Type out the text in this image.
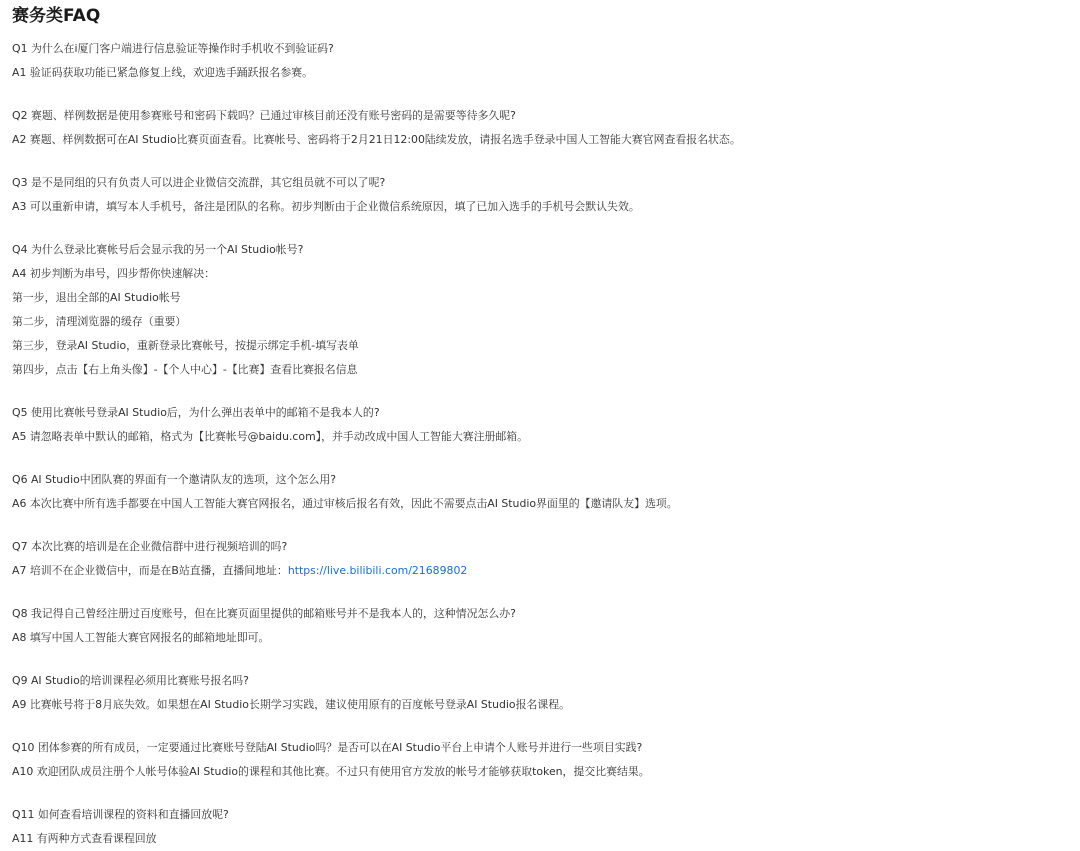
赛务类FAQ
Q1 为什么在i厦门客户端进行信息验证等操作时手机收不到验证码?
A1 验证码获取功能已紧急修复上线，欢迎选手踊跃报名参赛。
Q2 赛题、样例数据是使用参赛账号和密码下载吗？已通过审核目前还没有账号密码的是需要等待多久呢?
A2 赛题、样例数据可在AI Studio比赛页面查看。比赛帐号、密码将于2月21日12:00陆续发放，请报名选手登录中国人工智能大赛官网查看报名状态。
Q3 是不是同组的只有负责人可以进企业微信交流群，其它组员就不可以了呢?
A3 可以重新申请，填写本人手机号，备注是团队的名称。初步判断由于企业微信系统原因，填了已加入选手的手机号会默认失效。
Q4 为什么登录比赛帐号后会显示我的另一个AI Studio帐号?
A4 初步判断为串号，四步帮你快速解决：
第一步，退出全部的AI Studio帐号
第二步，清理浏览器的缓存（重要）
第三步，登录AI Studio，重新登录比赛帐号，按提示绑定手机-填写表单
第四步，点击【右上角头像】-【个人中心】-【比赛】查看比赛报名信息
Q5 使用比赛帐号登录AI Studio后，为什么弹出表单中的邮箱不是我本人的?
A5 请忽略表单中默认的邮箱，格式为【比赛帐号@baidu.com】，并手动改成中国人工智能大赛注册邮箱。
Q6 AI Studio中团队赛的界面有一个邀请队友的选项，这个怎么用?
A6 本次比赛中所有选手都要在中国人工智能大赛官网报名，通过审核后报名有效，因此不需要点击AI Studio界面里的【邀请队友】选项。
Q7 本次比赛的培训是在企业微信群中进行视频培训的吗?
A7 培训不在企业微信中，而是在B站直播，直播间地址：https://live.bilibili.com/21689802
Q8 我记得自己曾经注册过百度账号，但在比赛页面里提供的邮箱账号并不是我本人的，这种情况怎么办?
A8 填写中国人工智能大赛官网报名的邮箱地址即可。
Q9 AI Studio的培训课程必须用比赛账号报名吗?
A9 比赛帐号将于8月底失效。如果想在AI Studio长期学习实践，建议使用原有的百度帐号登录AI Studio报名课程。
Q10 团体参赛的所有成员，一定要通过比赛账号登陆AI Studio吗？是否可以在AI Studio平台上申请个人账号并进行一些项目实践?
A10 欢迎团队成员注册个人帐号体验AI Studio的课程和其他比赛。不过只有使用官方发放的帐号才能够获取token，提交比赛结果。
Q11 如何查看培训课程的资料和直播回放呢?
A11 有两种方式查看课程回放
